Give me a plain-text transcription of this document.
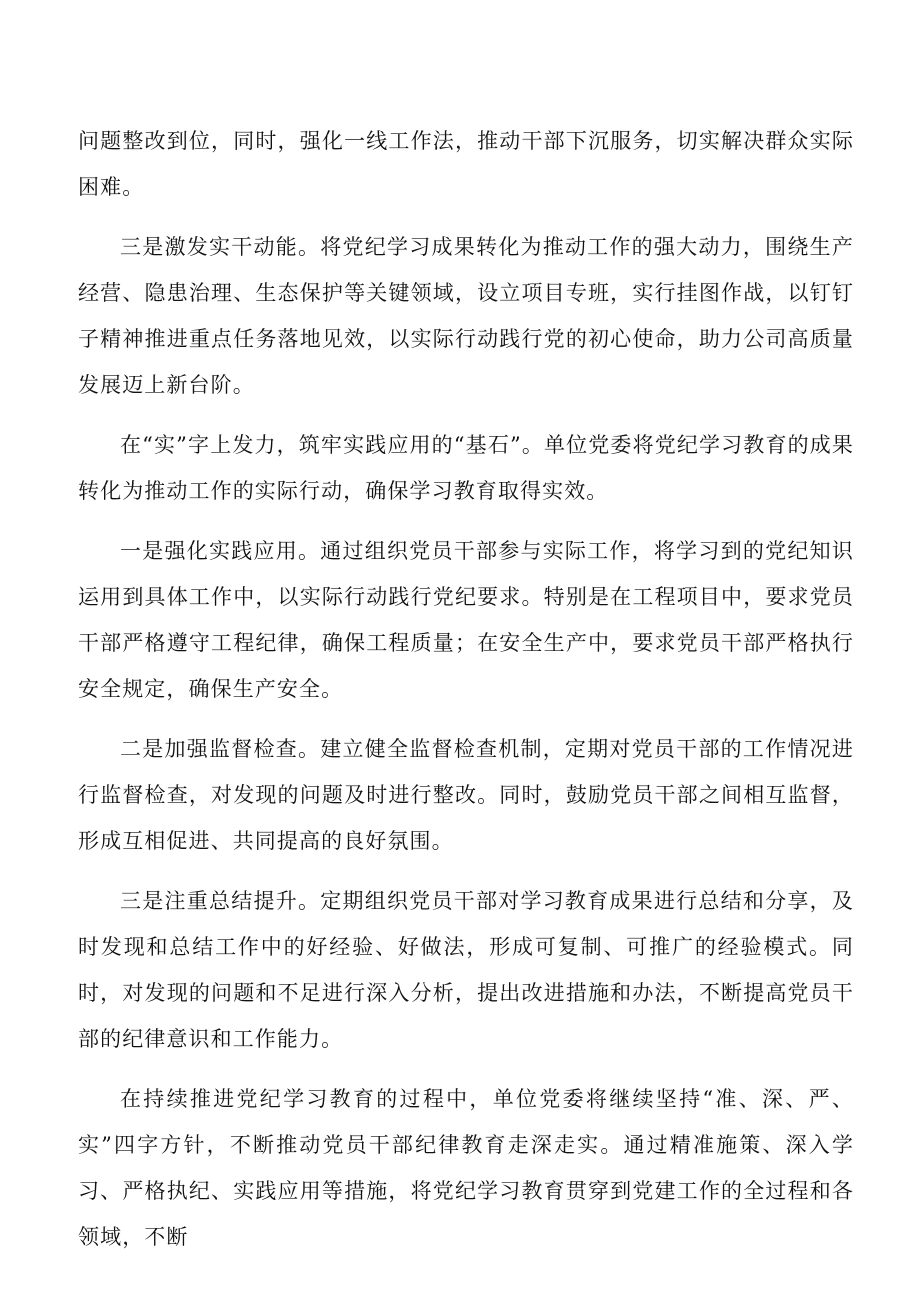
问题整改到位，同时，强化一线工作法，推动干部下沉服务，切实解决群众实际困难。

三是激发实干动能。将党纪学习成果转化为推动工作的强大动力，围绕生产经营、隐患治理、生态保护等关键领域，设立项目专班，实行挂图作战，以钉钉子精神推进重点任务落地见效，以实际行动践行党的初心使命，助力公司高质量发展迈上新台阶。

在“实”字上发力，筑牢实践应用的“基石”。单位党委将党纪学习教育的成果转化为推动工作的实际行动，确保学习教育取得实效。

一是强化实践应用。通过组织党员干部参与实际工作，将学习到的党纪知识运用到具体工作中，以实际行动践行党纪要求。特别是在工程项目中，要求党员干部严格遵守工程纪律，确保工程质量；在安全生产中，要求党员干部严格执行安全规定，确保生产安全。

二是加强监督检查。建立健全监督检查机制，定期对党员干部的工作情况进行监督检查，对发现的问题及时进行整改。同时，鼓励党员干部之间相互监督，形成互相促进、共同提高的良好氛围。

三是注重总结提升。定期组织党员干部对学习教育成果进行总结和分享，及时发现和总结工作中的好经验、好做法，形成可复制、可推广的经验模式。同时，对发现的问题和不足进行深入分析，提出改进措施和办法，不断提高党员干部的纪律意识和工作能力。

在持续推进党纪学习教育的过程中，单位党委将继续坚持“准、深、严、实”四字方针，不断推动党员干部纪律教育走深走实。通过精准施策、深入学习、严格执纪、实践应用等措施，将党纪学习教育贯穿到党建工作的全过程和各领域，不断
